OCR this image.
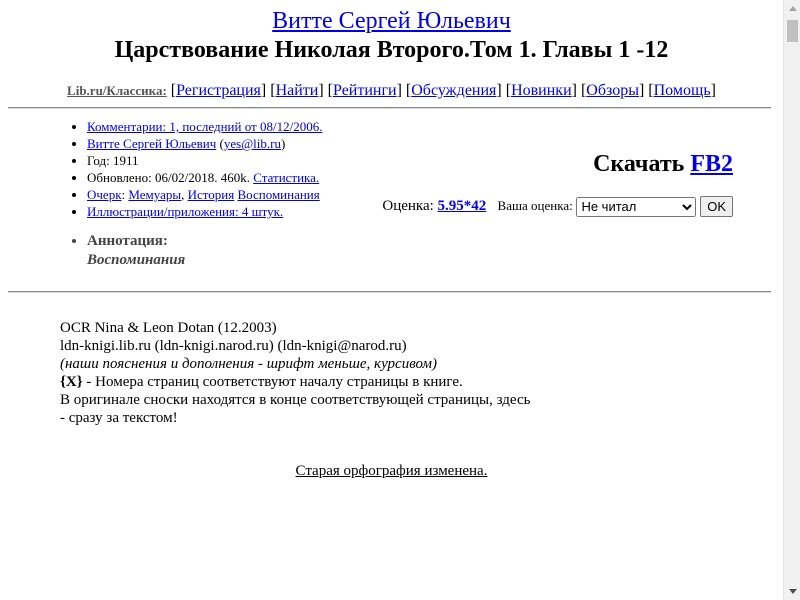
Витте Сергей Юльевич
Царствование Николая Второго.Том 1. Главы 1 -12
Lib.ru/Классика: [Регистрация] [Найти] [Рейтинги] [Обсуждения] [Новинки] [Обзоры] [Помощь]
• Комментарии: 1, последний от 08/12/2006.
• Витте Сергей Юльевич (yes@lib.ru)
• Год: 1911
• Обновлено: 06/02/2018. 460k. Статистика.
• Очерк: Мемуары, История Воспоминания
• Иллюстрации/приложения: 4 штук.
• Аннотация:
Воспоминания
Скачать FB2
Оценка: 5.95*42 Ваша оценка:
Не читал	OK
OCR Nina & Leon Dotan (12.2003)
ldn-knigi.lib.ru (ldn-knigi.narod.ru) (ldn-knigi@narod.ru)
(наши пояснения и дополнения - шрифт меньше, курсивом)
{X} - Номера страниц соответствуют началу страницы в книге.
В оригинале сноски находятся в конце соответствующей страницы, здесь
- сразу за текстом!
Старая орфография изменена.
